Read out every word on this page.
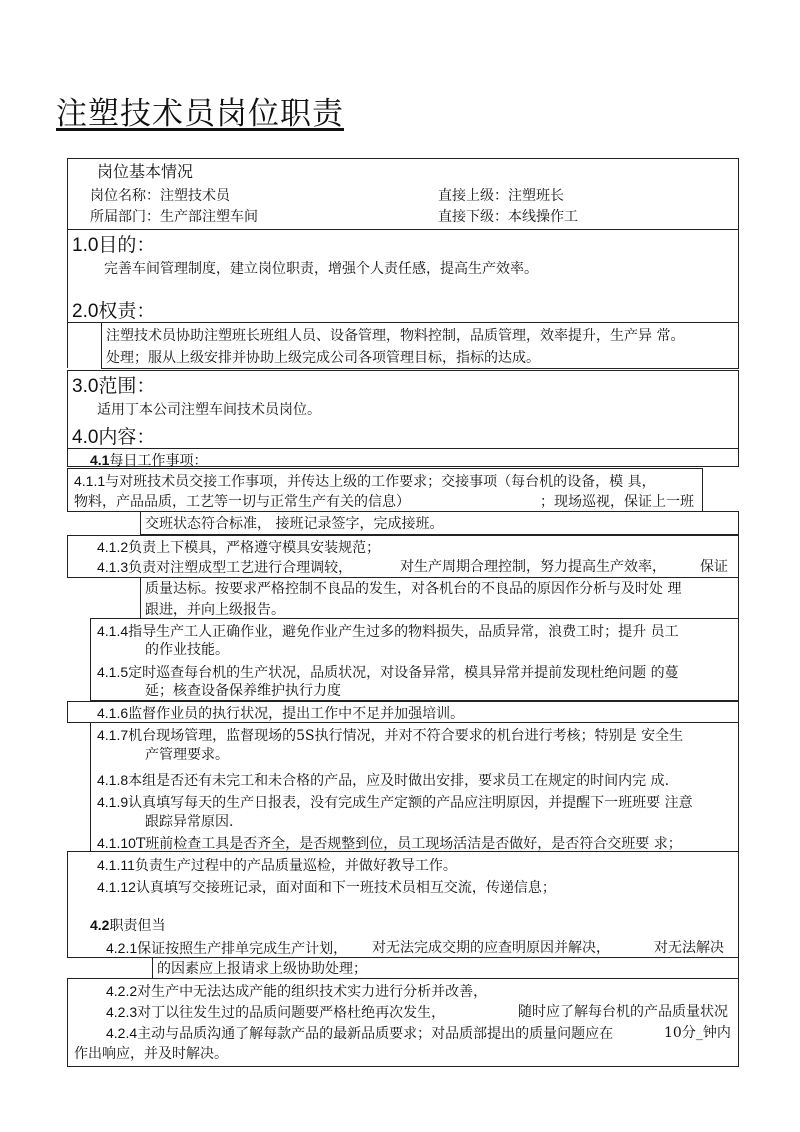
注塑技术员岗位职责
岗位基本情况
岗位名称：注塑技术员	直接上级：注塑班长
所届部门：生产部注塑车间	直接下级：本线操作工
1.0目的：
完善车间管理制度，建立岗位职责，增强个人责任感，提高生产效率。
2.0权责：
注塑技术员协助注塑班长班组人员、设备管理，物料控制，品质管理，效率提升，生产异 常。
处理；服从上级安排并协助上级完成公司各项管理目标，指标的达成。
3.0范围：
适用丁本公司注塑车间技术员岗位。
4.0内容：
4.1每日工作事项：
4.1.1与对班技术员交接工作事项，并传达上级的工作要求；交接事项（每台机的设备，模 具，
物料，产品品质，工艺等一切与正常生产有关的信息）	；现场巡视，保证上一班
交班状态符合标准， 接班记录签字，完成接班。
4.1.2负责上下模具，严格遵守模具安装规范；
4.1.3负责对注塑成型工艺进行合理调较，	对生产周期合理控制，努力提高生产效率， 保证
质量达标。按要求严格控制不良品的发生，对各机台的不良品的原因作分析与及时处 理
跟进，并向上级报告。
4.1.4指导生产工人正确作业，避免作业产生过多的物料损失，品质异常，浪费工时；提升 员工
的作业技能。
4.1.5定时巡查每台机的生产状况，品质状况，对设备异常，模具异常并提前发现杜绝问题 的蔓
延；核查设备保养维护执行力度
4.1.6监督作业员的执行状况，提出工作中不足并加强培训。
4.1.7机台现场管理，监督现场的5S执行情况，并对不符合要求的机台进行考核；特别是 安全生
产管理要求。
4.1.8本组是否还有未完工和未合格的产品，应及时做出安排，要求员工在规定的时间内完 成.
4.1.9认真填写每天的生产日报表，没有完成生产定额的产品应注明原因，并提醒下一班班要 注意
跟踪异常原因.
4.1.10T班前检查工具是否齐全，是否规整到位，员工现场活洁是否做好，是否符合交班要 求；
4.1.11负责生产过程中的产品质量巡检，并做好教导工作。
4.1.12认真填写交接班记录，面对面和下一班技术员相互交流，传递信息；
4.2职责但当
4.2.1保证按照生产排单完成生产计划， 对无法完成交期的应查明原因并解决，	对无法解决
的因素应上报请求上级协助处理；
4.2.2对生产中无法达成产能的组织技术实力进行分析并改善，
4.2.3对丁以往发生过的品质问题要严格杜绝再次发生，	随时应了解每台机的产品质量状况
4.2.4主动与品质沟通了解每款产品的最新品质要求；对品质部提出的质量问题应在	10分_钟内
作出响应，并及时解决。
